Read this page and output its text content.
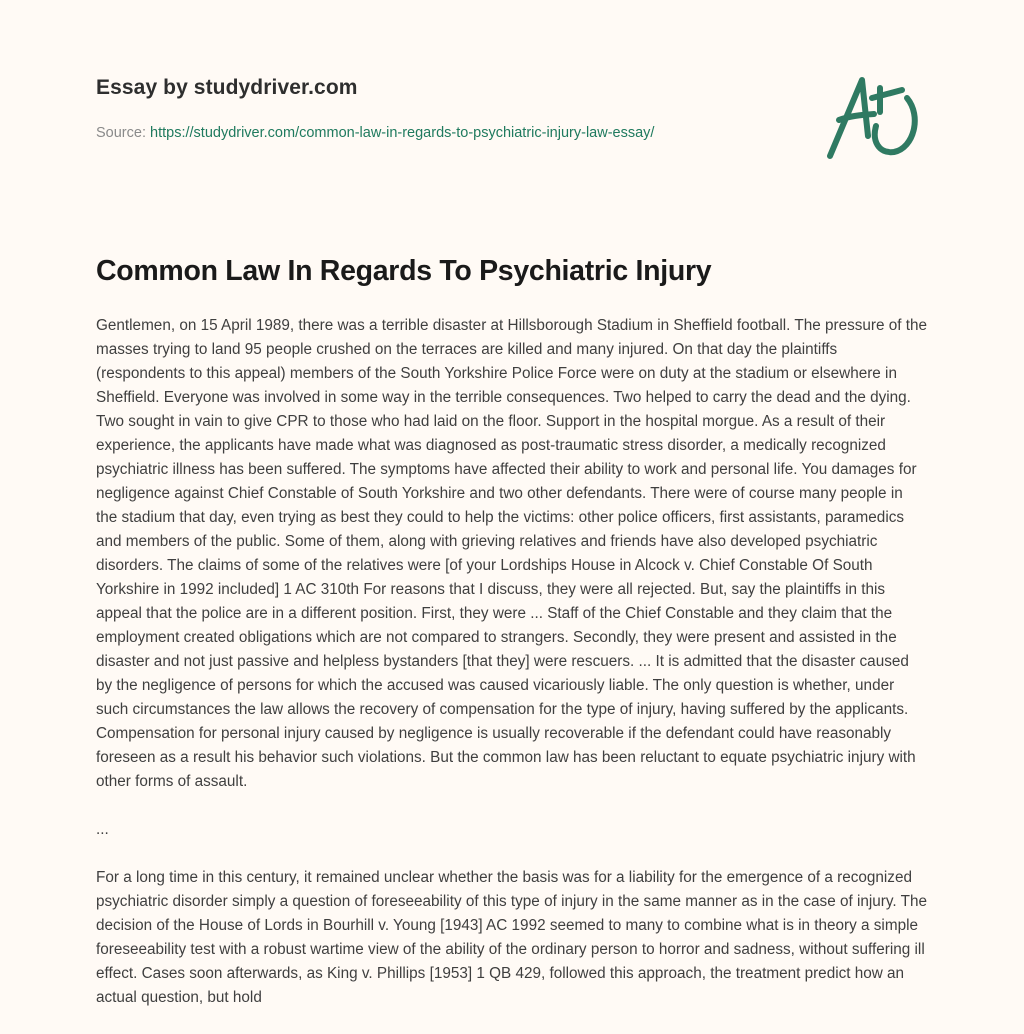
Essay by studydriver.com
Source: https://studydriver.com/common-law-in-regards-to-psychiatric-injury-law-essay/
Common Law In Regards To Psychiatric Injury

Gentlemen, on 15 April 1989, there was a terrible disaster at Hillsborough Stadium in Sheffield football. The pressure of the masses trying to land 95 people crushed on the terraces are killed and many injured. On that day the plaintiffs (respondents to this appeal) members of the South Yorkshire Police Force were on duty at the stadium or elsewhere in Sheffield. Everyone was involved in some way in the terrible consequences. Two helped to carry the dead and the dying. Two sought in vain to give CPR to those who had laid on the floor. Support in the hospital morgue. As a result of their experience, the applicants have made what was diagnosed as post-traumatic stress disorder, a medically recognized psychiatric illness has been suffered. The symptoms have affected their ability to work and personal life. You damages for negligence against Chief Constable of South Yorkshire and two other defendants. There were of course many people in the stadium that day, even trying as best they could to help the victims: other police officers, first assistants, paramedics and members of the public. Some of them, along with grieving relatives and friends have also developed psychiatric disorders. The claims of some of the relatives were [of your Lordships House in Alcock v. Chief Constable Of South Yorkshire in 1992 included] 1 AC 310th For reasons that I discuss, they were all rejected. But, say the plaintiffs in this appeal that the police are in a different position. First, they were ... Staff of the Chief Constable and they claim that the employment created obligations which are not compared to strangers. Secondly, they were present and assisted in the disaster and not just passive and helpless bystanders [that they] were rescuers. ... It is admitted that the disaster caused by the negligence of persons for which the accused was caused vicariously liable. The only question is whether, under such circumstances the law allows the recovery of compensation for the type of injury, having suffered by the applicants. Compensation for personal injury caused by negligence is usually recoverable if the defendant could have reasonably foreseen as a result his behavior such violations. But the common law has been reluctant to equate psychiatric injury with other forms of assault.

...

For a long time in this century, it remained unclear whether the basis was for a liability for the emergence of a recognized psychiatric disorder simply a question of foreseeability of this type of injury in the same manner as in the case of injury. The decision of the House of Lords in Bourhill v. Young [1943] AC 1992 seemed to many to combine what is in theory a simple foreseeability test with a robust wartime view of the ability of the ordinary person to horror and sadness, without suffering ill effect. Cases soon afterwards, as King v. Phillips [1953] 1 QB 429, followed this approach, the treatment predict how an actual question, but hold
